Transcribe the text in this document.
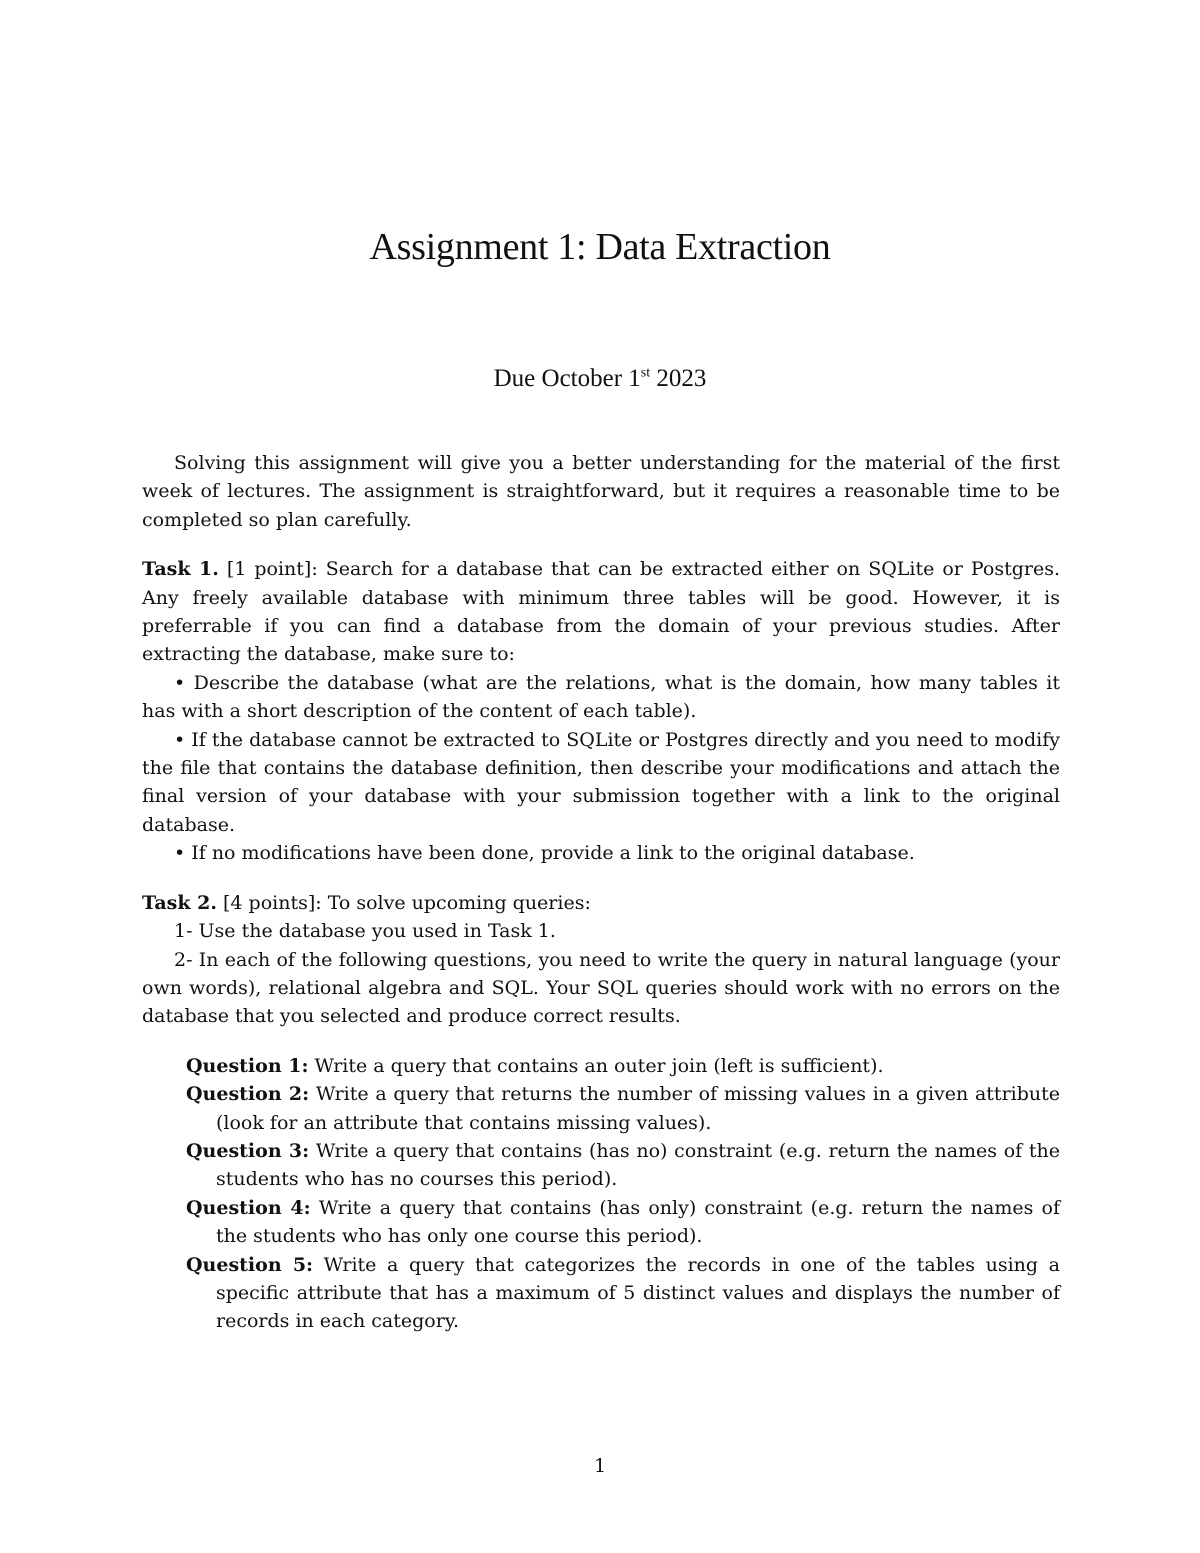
Assignment 1: Data Extraction
Due October 1st 2023

Solving this assignment will give you a better understanding for the material of the first week of lectures. The assignment is straightforward, but it requires a reasonable time to be completed so plan carefully.

Task 1. [1 point]: Search for a database that can be extracted either on SQLite or Postgres. Any freely available database with minimum three tables will be good. However, it is preferrable if you can find a database from the domain of your previous studies. After extracting the database, make sure to:

• Describe the database (what are the relations, what is the domain, how many tables it has with a short description of the content of each table).

• If the database cannot be extracted to SQLite or Postgres directly and you need to modify the file that contains the database definition, then describe your modifications and attach the final version of your database with your submission together with a link to the original database.

• If no modifications have been done, provide a link to the original database.

Task 2. [4 points]: To solve upcoming queries:

1- Use the database you used in Task 1.

2- In each of the following questions, you need to write the query in natural language (your own words), relational algebra and SQL. Your SQL queries should work with no errors on the database that you selected and produce correct results.

Question 1: Write a query that contains an outer join (left is sufficient).

Question 2: Write a query that returns the number of missing values in a given attribute (look for an attribute that contains missing values).

Question 3: Write a query that contains (has no) constraint (e.g. return the names of the students who has no courses this period).

Question 4: Write a query that contains (has only) constraint (e.g. return the names of the students who has only one course this period).

Question 5: Write a query that categorizes the records in one of the tables using a specific attribute that has a maximum of 5 distinct values and displays the number of records in each category.

1
